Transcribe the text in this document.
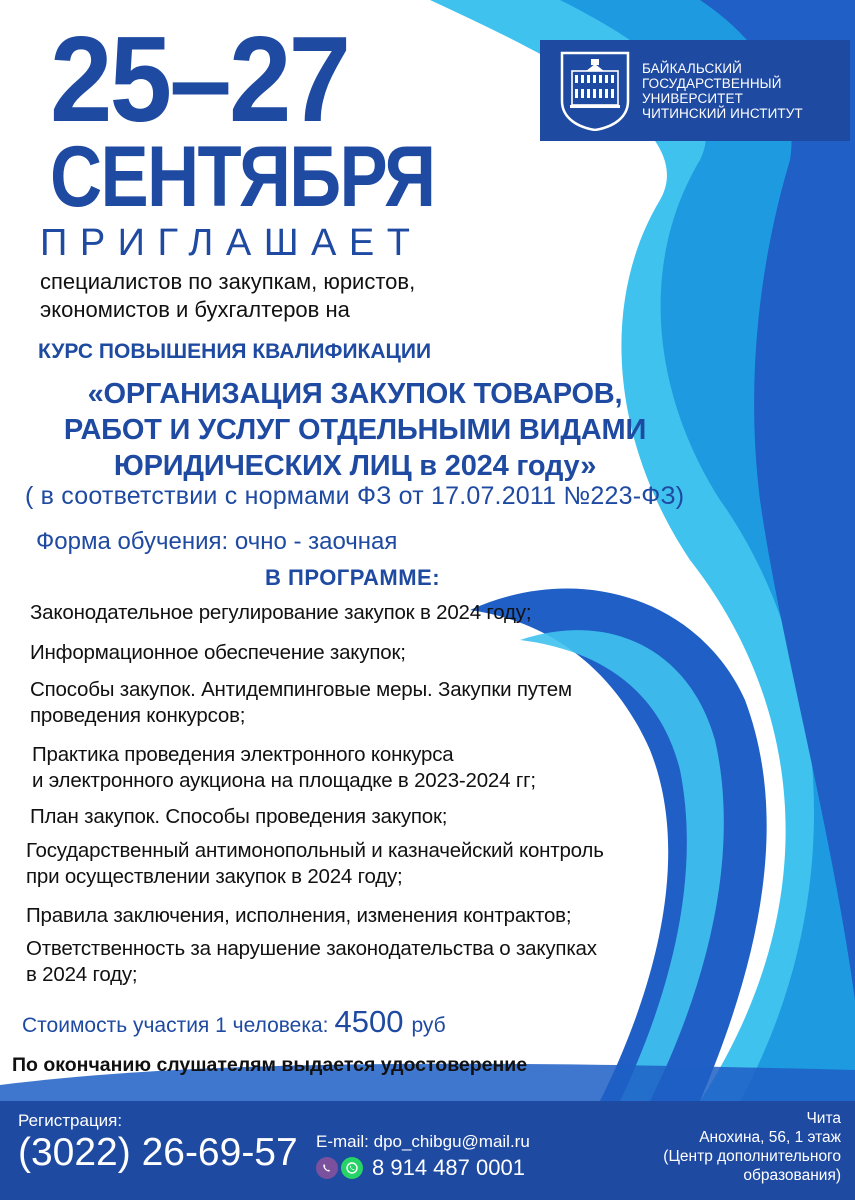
25–27
СЕНТЯБРЯ
БАЙКАЛЬСКИЙ
ГОСУДАРСТВЕННЫЙ
УНИВЕРСИТЕТ
ЧИТИНСКИЙ ИНСТИТУТ
ПРИГЛАШАЕТ
специалистов по закупкам, юристов,
экономистов и бухгалтеров на
КУРС ПОВЫШЕНИЯ КВАЛИФИКАЦИИ
«ОРГАНИЗАЦИЯ ЗАКУПОК ТОВАРОВ,
РАБОТ И УСЛУГ ОТДЕЛЬНЫМИ ВИДАМИ
ЮРИДИЧЕСКИХ ЛИЦ в 2024 году»
( в соответствии с нормами ФЗ от 17.07.2011 №223-ФЗ)
Форма обучения: очно - заочная
В ПРОГРАММЕ:
Законодательное регулирование закупок в 2024 году;
Информационное обеспечение закупок;
Способы закупок. Антидемпинговые меры. Закупки путем
проведения конкурсов;
Практика проведения электронного конкурса
и электронного аукциона на площадке в 2023-2024 гг;
План закупок. Способы проведения закупок;
Государственный антимонопольный и казначейский контроль
при осуществлении закупок в 2024 году;
Правила заключения, исполнения, изменения контрактов;
Ответственность за нарушение законодательства о закупках
в 2024 году;
Стоимость участия 1 человека: 4500 руб
По окончанию слушателям выдается удостоверение
Регистрация:
(3022) 26-69-57 E-mail: dpo_chibgu@mail.ru
8 914 487 0001
Чита
Анохина, 56, 1 этаж
(Центр дополнительного
образования)
